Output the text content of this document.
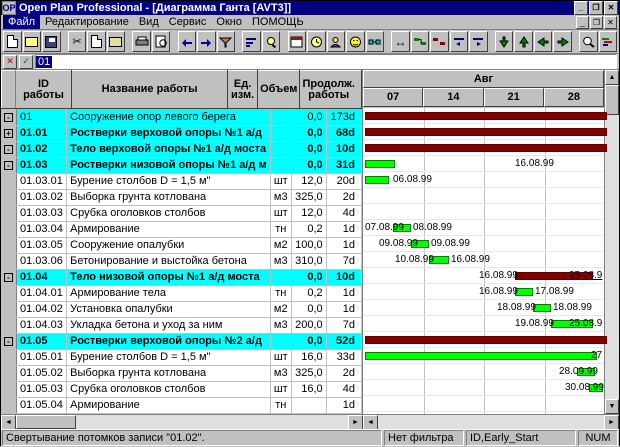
OP Open Plan Professional - [Диаграмма Ганта [AVT3]]	_	❐	✕
Файл Редактирование Вид Сервис Окно ПОМОЩЬ	_	❐ ✕
✂	↔
✕ ✓ 01
	ID работы	Название работы	Ед. изм.	Объем	Продолж. работы
-	01	Сооружение опор левого берега		0,0	173d
+	01.01	Ростверки верховой опоры №1 а/д		0,0	68d
-	01.02	Тело верховой опоры №1 а/д моста		0,0	10d
-	01.03	Ростверки низовой опоры №1 а/д м		0,0	31d
	01.03.01	Бурение столбов D = 1,5 м"	шт	12,0	20d
	01.03.02	Выборка грунта котлована	м3	325,0	2d
	01.03.03	Срубка оголовков столбов	шт	12,0	4d
	01.03.04	Армирование	тн	0,2	1d
	01.03.05	Сооружение опалубки	м2	100,0	1d
	01.03.06	Бетонирование и выстойка бетона	м3	310,0	7d
-	01.04	Тело низовой опоры №1 а/д моста		0,0	10d
	01.04.01	Армирование тела	тн	0,2	1d
	01.04.02	Установка опалубки	м2	0,0	1d
	01.04.03	Укладка бетона и уход за ним	м3	200,0	7d
-	01.05	Ростверки верховой опоры №2 а/д		0,0	52d
	01.05.01	Бурение столбов D = 1,5 м"	шт	16,0	33d
	01.05.02	Выборка грунта котлована	м3	325,0	2d
	01.05.03	Срубка оголовков столбов	шт	16,0	4d
	01.05.04	Армирование	тн		1d
Авг
07	14	21	28
16.08.99
06.08.99
07.08.99 08.08.99
09.08.99 09.08.99
10.08.99 16.08.99
16.08.99	25.08.9
16.08.99 17.08.99
18.08.99 18.08.99
19.08.99 25.08.9
27
28.09.99
30.08.99
▲
▼
◄	►	◄	►
Свертывание потомков записи "01.02".	Нет фильтра	ID,Early_Start	NUM
